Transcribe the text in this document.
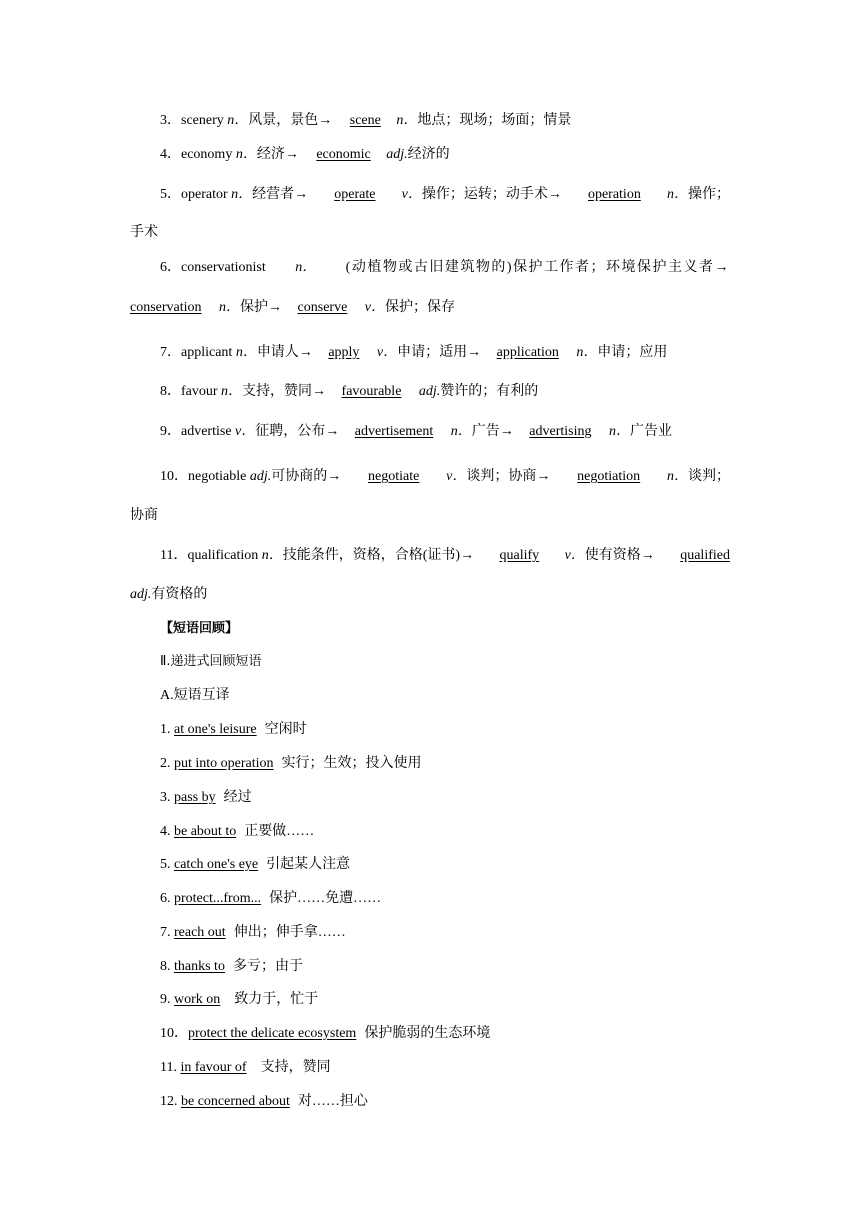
3．scenery n．风景，景色→ scene n．地点；现场；场面；情景
4．economy n．经济→ economic adj.经济的
5．operator n．经营者→ operate v．操作；运转；动手术→ operation n．操作；
手术
6．conservationist n． (动植物或古旧建筑物的)保护工作者；环境保护主义者→
conservation n．保护→ conserve v．保护；保存
7．applicant n．申请人→ apply v．申请；适用→ application n．申请；应用
8．favour n．支持，赞同→ favourable adj.赞许的；有利的
9．advertise v．征聘，公布→ advertisement n．广告→ advertising n．广告业
10．negotiable adj.可协商的→ negotiate v．谈判；协商→ negotiation n．谈判；
协商
11．qualification n．技能条件，资格，合格(证书)→ qualify v．使有资格→ qualified
adj.有资格的
【短语回顾】
Ⅱ.递进式回顾短语
A.短语互译
1. at one's leisure 空闲时
2. put into operation 实行；生效；投入使用
3. pass by 经过
4. be about to 正要做……
5. catch one's eye 引起某人注意
6. protect...from... 保护……免遭……
7. reach out 伸出；伸手拿……
8. thanks to 多亏；由于
9. work on 致力于，忙于
10．protect the delicate ecosystem 保护脆弱的生态环境
11. in favour of 支持，赞同
12. be concerned about 对……担心
